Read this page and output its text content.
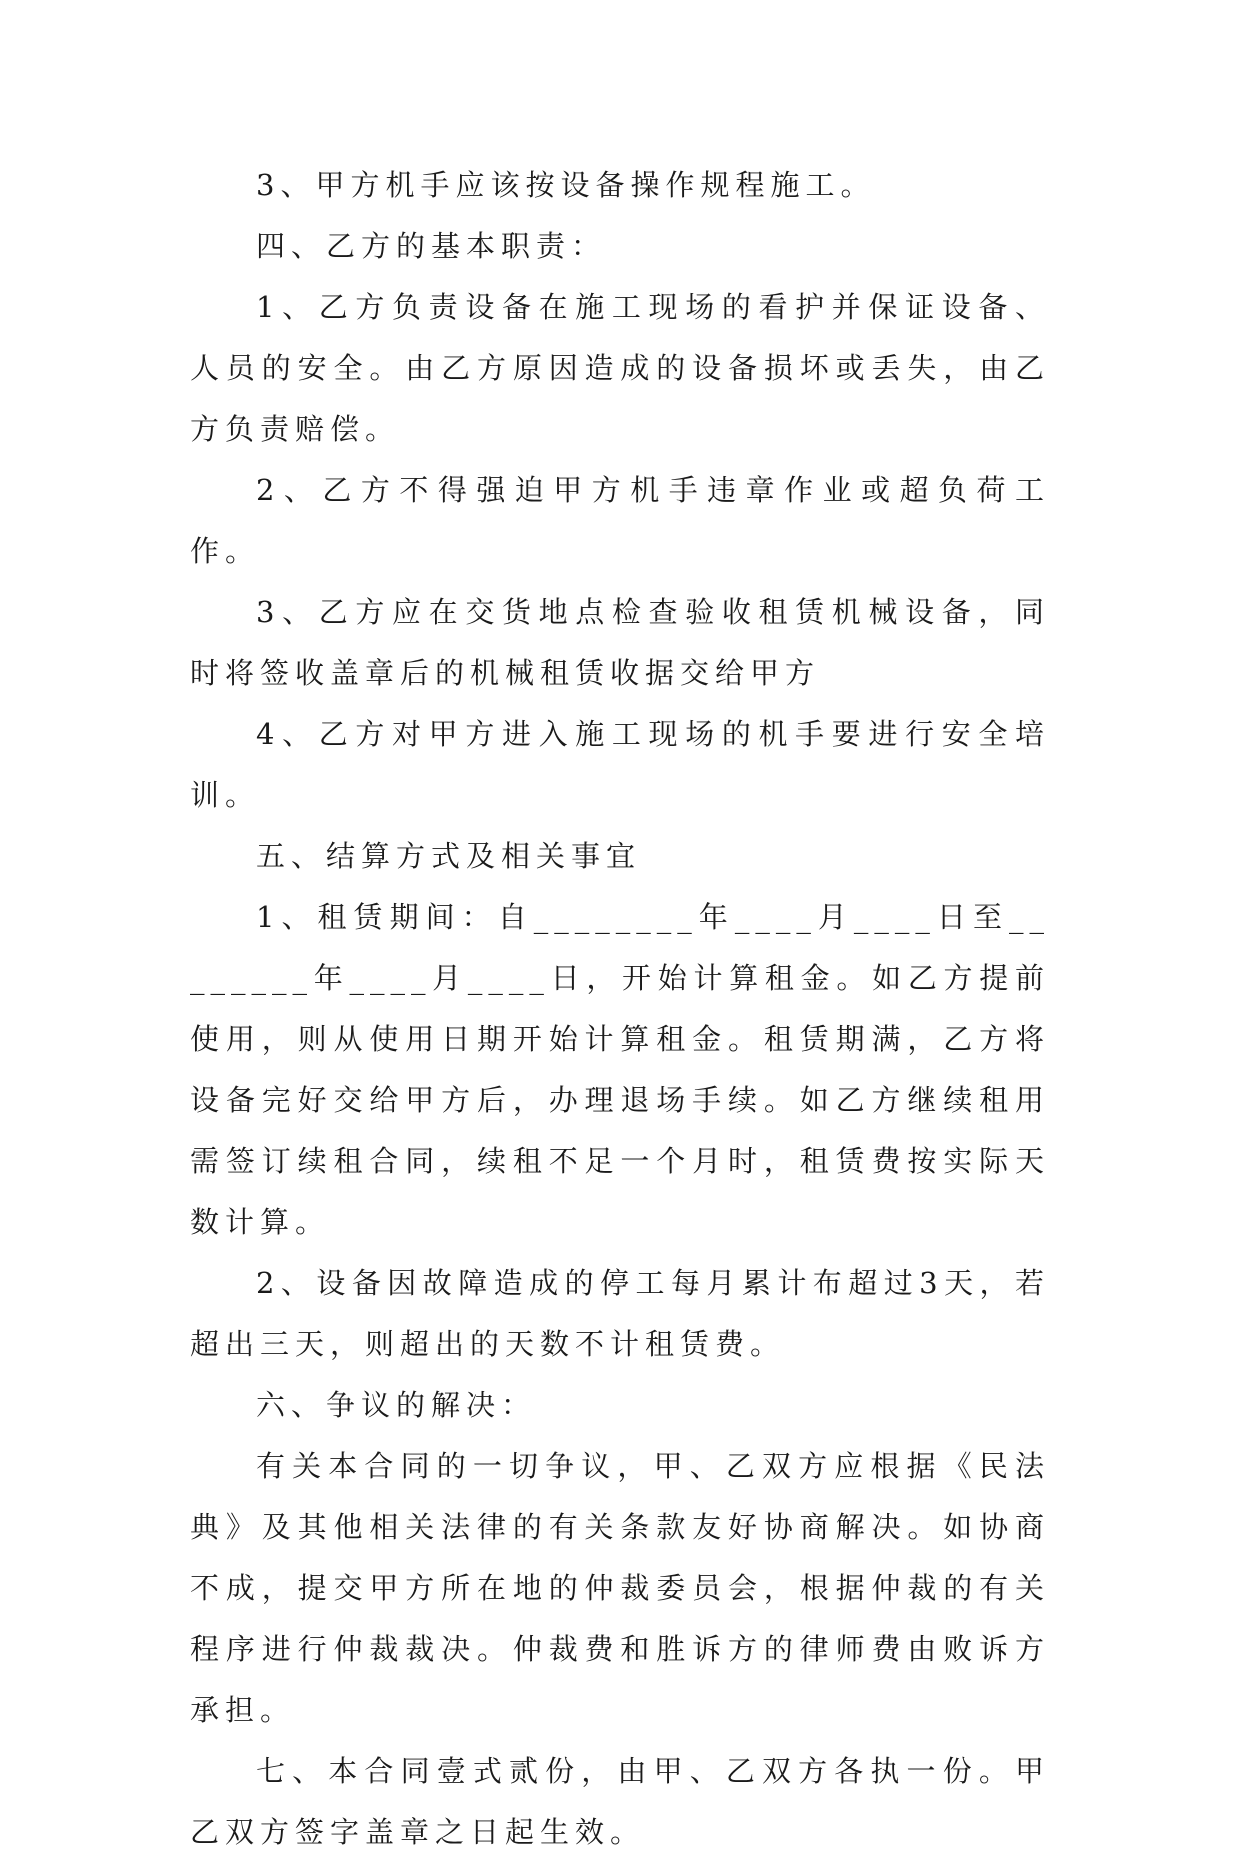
3、甲方机手应该按设备操作规程施工。

四、乙方的基本职责：

1、乙方负责设备在施工现场的看护并保证设备、人员的安全。由乙方原因造成的设备损坏或丢失，由乙方负责赔偿。

2、乙方不得强迫甲方机手违章作业或超负荷工作。

3、乙方应在交货地点检查验收租赁机械设备，同时将签收盖章后的机械租赁收据交给甲方

4、乙方对甲方进入施工现场的机手要进行安全培训。

五、结算方式及相关事宜

1、租赁期间：自________年____月____日至________年____月____日，开始计算租金。如乙方提前使用，则从使用日期开始计算租金。租赁期满，乙方将设备完好交给甲方后，办理退场手续。如乙方继续租用需签订续租合同，续租不足一个月时，租赁费按实际天数计算。

2、设备因故障造成的停工每月累计布超过3天，若超出三天，则超出的天数不计租赁费。

六、争议的解决：

有关本合同的一切争议，甲、乙双方应根据《民法典》及其他相关法律的有关条款友好协商解决。如协商不成，提交甲方所在地的仲裁委员会，根据仲裁的有关程序进行仲裁裁决。仲裁费和胜诉方的律师费由败诉方承担。

七、本合同壹式贰份，由甲、乙双方各执一份。甲乙双方签字盖章之日起生效。
